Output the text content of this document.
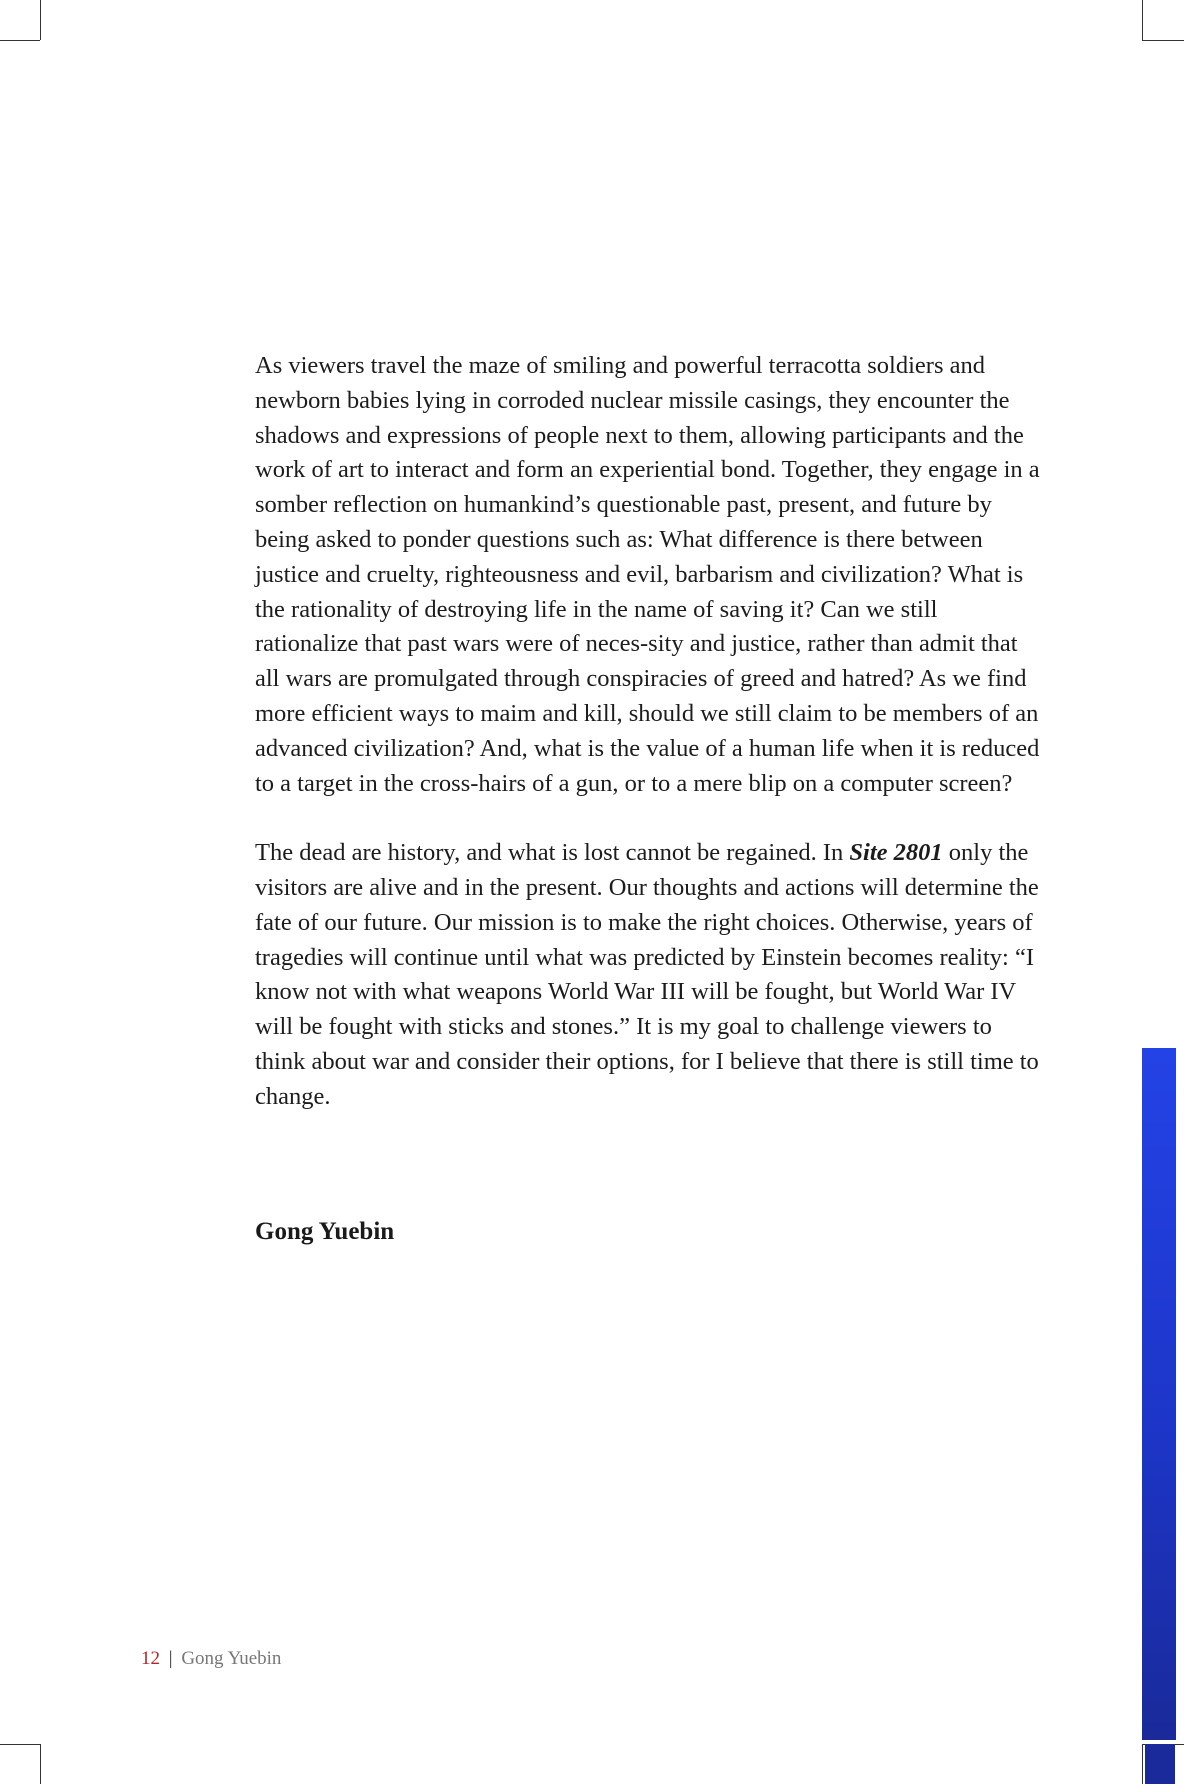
As viewers travel the maze of smiling and powerful terracotta soldiers and newborn babies lying in corroded nuclear missile casings, they encounter the shadows and expressions of people next to them, allowing participants and the work of art to interact and form an experiential bond. Together, they engage in a somber reflection on humankind’s questionable past, present, and future by being asked to ponder questions such as: What difference is there between justice and cruelty, righteousness and evil, barbarism and civilization? What is the rationality of destroying life in the name of saving it? Can we still rationalize that past wars were of neces-sity and justice, rather than admit that all wars are promulgated through conspiracies of greed and hatred? As we find more efficient ways to maim and kill, should we still claim to be members of an advanced civilization? And, what is the value of a human life when it is reduced to a target in the cross-hairs of a gun, or to a mere blip on a computer screen?

The dead are history, and what is lost cannot be regained. In Site 2801 only the visitors are alive and in the present. Our thoughts and actions will determine the fate of our future. Our mission is to make the right choices. Otherwise, years of tragedies will continue until what was predicted by Einstein becomes reality: “I know not with what weapons World War III will be fought, but World War IV will be fought with sticks and stones.” It is my goal to challenge viewers to think about war and consider their options, for I believe that there is still time to change.

Gong Yuebin
12 | Gong Yuebin
